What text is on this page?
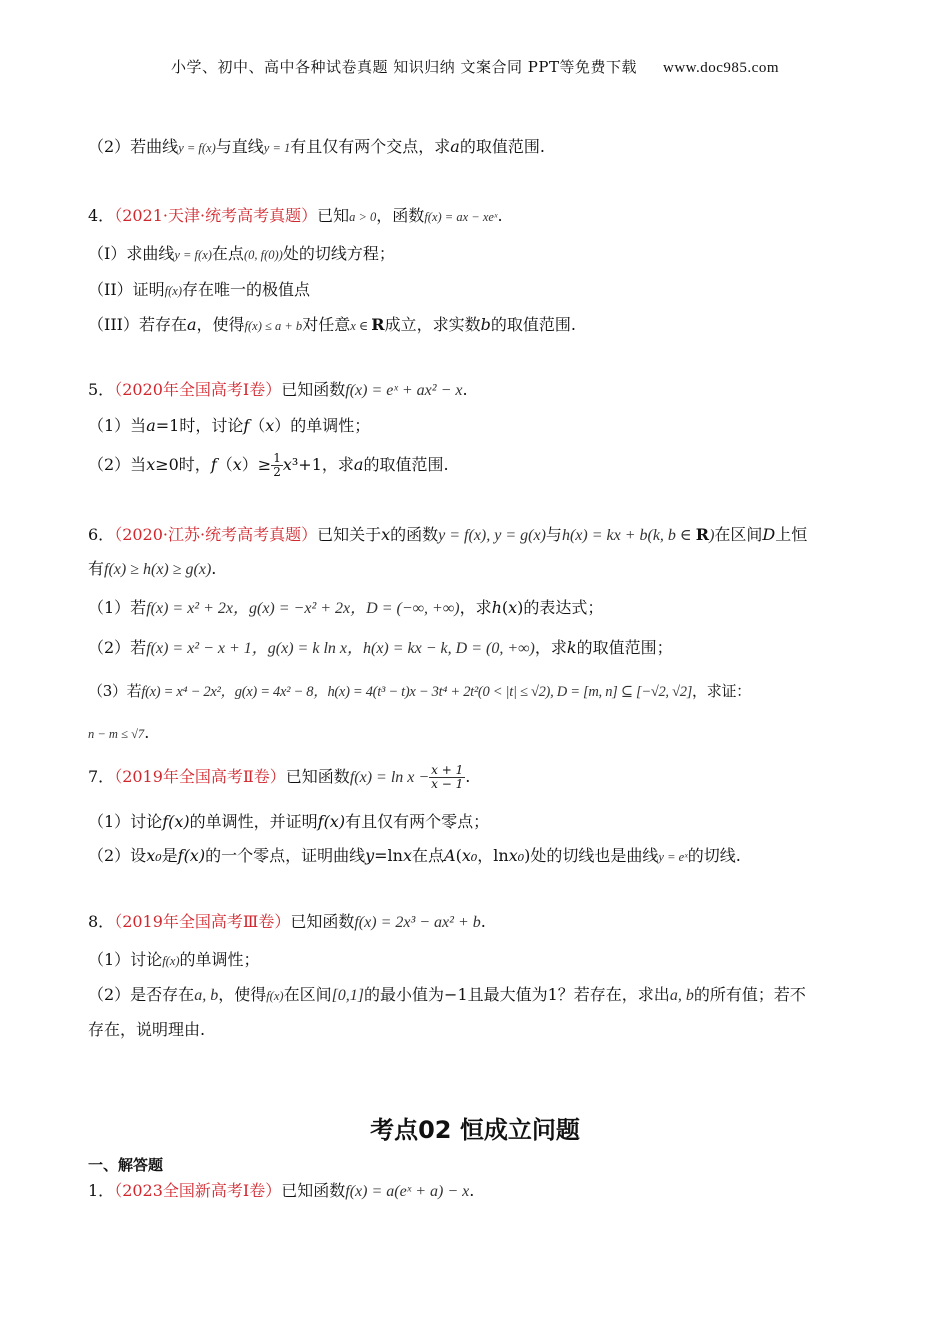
小学、初中、高中各种试卷真题 知识归纳 文案合同 PPT等免费下载 www.doc985.com
（2）若曲线y = f(x)与直线y = 1有且仅有两个交点，求a的取值范围.
4．（2021·天津·统考高考真题）已知a > 0，函数f(x) = ax − xeˣ.
（I）求曲线y = f(x)在点(0, f(0))处的切线方程；
（II）证明f(x)存在唯一的极值点
（III）若存在a，使得f(x) ≤ a + b对任意x ∈ R成立，求实数b的取值范围.
5．（2020年全国高考Ⅰ卷）已知函数f(x) = eˣ + ax² − x.
（1）当a=1时，讨论f（x）的单调性；
（2）当x≥0时，$f(x)\ge \frac{1}{2} x^3+1$，求a的取值范围.
6．（2020·江苏·统考高考真题）已知关于x的函数y = f(x), y = g(x)与h(x) = kx + b(k, b ∈ R)在区间D上恒
有f(x) ≥ h(x) ≥ g(x).
（1）若f(x) = x² + 2x，g(x) = −x² + 2x，D = (−∞, +∞)，求h(x)的表达式；
（2）若f(x) = x² − x + 1，g(x) = k ln x，h(x) = kx − k, D = (0, +∞)，求k的取值范围；
（3）若f(x) = x⁴ − 2x²，g(x) = 4x² − 8，h(x) = 4(t³ − t)x − 3t⁴ + 2t²(0 < |t| ≤ √2), D = [m, n] ⊆ [−√2, √2]，求证：
n − m ≤ √7.
7．（2019年全国高考Ⅱ卷）已知函数$f(x) = \ln x - \frac{x + 1}{x - 1}$ .
（1）讨论f(x)的单调性，并证明f(x)有且仅有两个零点；
（2）设x₀是f(x)的一个零点，证明曲线y=lnx在点A(x₀，lnx₀)处的切线也是曲线y = eˣ的切线.
8．（2019年全国高考Ⅲ卷）已知函数f(x) = 2x³ − ax² + b.
（1）讨论f(x)的单调性；
（2）是否存在a, b，使得f(x)在区间[0,1]的最小值为−1且最大值为1？若存在，求出a, b的所有值；若不
存在，说明理由.
考点02 恒成立问题
一、解答题
1．（2023全国新高考Ⅰ卷）已知函数f(x) = a(eˣ + a) − x.
